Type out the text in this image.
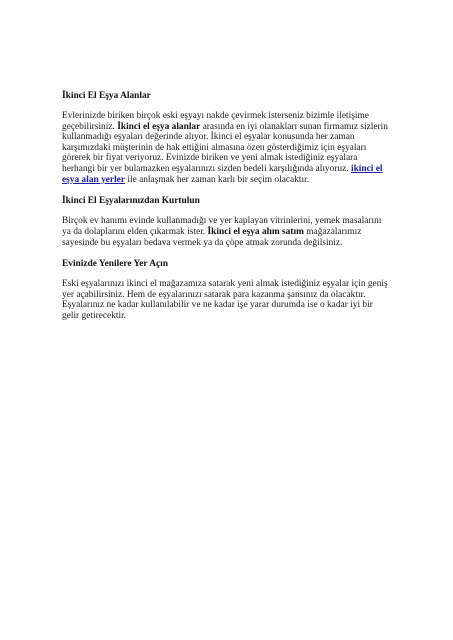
İkinci El Eşya Alanlar

Evlerinizde biriken birçok eski eşyayı nakde çevirmek isterseniz bizimle iletişime geçebilirsiniz. İkinci el eşya alanlar arasında en iyi olanakları sunan firmamız sizlerin kullanmadığı eşyaları değerinde alıyor. İkinci el eşyalar konusunda her zaman karşımızdaki müşterinin de hak ettiğini almasına özen gösterdiğimiz için eşyaları görerek bir fiyat veriyoruz. Evinizde biriken ve yeni almak istediğiniz eşyalara herhangi bir yer bulamazken eşyalarınızı sizden bedeli karşılığında alıyoruz. ikinci el eşya alan yerler ile anlaşmak her zaman karlı bir seçim olacaktır.

İkinci El Eşyalarınızdan Kurtulun

Birçok ev hanımı evinde kullanmadığı ve yer kaplayan vitrinlerini, yemek masalarını ya da dolaplarını elden çıkarmak ister. İkinci el eşya alım satım mağazalarımız sayesinde bu eşyaları bedava vermek ya da çöpe atmak zorunda değilsiniz.

Evinizde Yenilere Yer Açın

Eski eşyalarınızı ikinci el mağazamıza satarak yeni almak istediğiniz eşyalar için geniş yer açabilirsiniz. Hem de eşyalarınızı satarak para kazanma şansınız da olacaktır. Eşyalarınız ne kadar kullanılabilir ve ne kadar işe yarar durumda ise o kadar iyi bir gelir getirecektir.
